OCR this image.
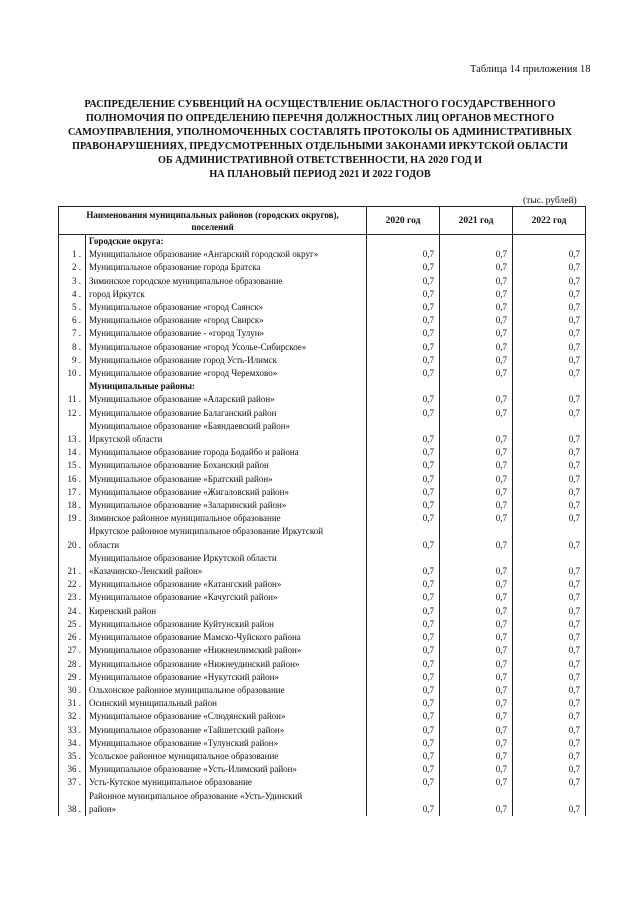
Таблица 14 приложения 18
РАСПРЕДЕЛЕНИЕ СУБВЕНЦИЙ НА ОСУЩЕСТВЛЕНИЕ ОБЛАСТНОГО ГОСУДАРСТВЕННОГО
ПОЛНОМОЧИЯ ПО ОПРЕДЕЛЕНИЮ ПЕРЕЧНЯ ДОЛЖНОСТНЫХ ЛИЦ ОРГАНОВ МЕСТНОГО
САМОУПРАВЛЕНИЯ, УПОЛНОМОЧЕННЫХ СОСТАВЛЯТЬ ПРОТОКОЛЫ ОБ АДМИНИСТРАТИВНЫХ
ПРАВОНАРУШЕНИЯХ, ПРЕДУСМОТРЕННЫХ ОТДЕЛЬНЫМИ ЗАКОНАМИ ИРКУТСКОЙ ОБЛАСТИ
ОБ АДМИНИСТРАТИВНОЙ ОТВЕТСТВЕННОСТИ, НА 2020 ГОД И
НА ПЛАНОВЫЙ ПЕРИОД 2021 И 2022 ГОДОВ
(тыс. рублей)
Наименования муниципальных районов (городских округов),
поселений		2020 год	2021 год	2022 год

	Городские округа:			

1 .	Муниципальное образование «Ангарский городской округ»	0,7	0,7	0,7
2 .	Муниципальное образование города Братска	0,7	0,7	0,7
3 .	Зиминское городское муниципальное образование	0,7	0,7	0,7
4 .	город Иркутск	0,7	0,7	0,7
5 .	Муниципальное образование «город Саянск»	0,7	0,7	0,7
6 .	Муниципальное образование «город Свирск»	0,7	0,7	0,7
7 .	Муниципальное образование - «город Тулун»	0,7	0,7	0,7
8 .	Муниципальное образование «город Усолье-Сибирское»	0,7	0,7	0,7
9 .	Муниципальное образование город Усть-Илимск	0,7	0,7	0,7
10 .	Муниципальное образование «город Черемхово»	0,7	0,7	0,7

	Муниципальные районы:			

11 .	Муниципальное образование «Аларский район»	0,7	0,7	0,7
12 .	Муниципальное образование Балаганский район	0,7	0,7	0,7
13 .	Муниципальное образование «Баяндаевский район»
Иркутской области	0,7	0,7	0,7
14 .	Муниципальное образование города Бодайбо и района	0,7	0,7	0,7
15 .	Муниципальное образование Боханский район	0,7	0,7	0,7
16 .	Муниципальное образование «Братский район»	0,7	0,7	0,7
17 .	Муниципальное образование «Жигаловский район»	0,7	0,7	0,7
18 .	Муниципальное образование «Заларинский район»	0,7	0,7	0,7
19 .	Зиминское районное муниципальное образование	0,7	0,7	0,7
20 .	Иркутское районное муниципальное образование Иркутской
области	0,7	0,7	0,7
21 .	Муниципальное образование Иркутской области
«Казачинско-Ленский район»	0,7	0,7	0,7
22 .	Муниципальное образование «Катангский район»	0,7	0,7	0,7
23 .	Муниципальное образование «Качугский район»	0,7	0,7	0,7
24 .	Киренский район	0,7	0,7	0,7
25 .	Муниципальное образование Куйтунский район	0,7	0,7	0,7
26 .	Муниципальное образование Мамско-Чуйского района	0,7	0,7	0,7
27 .	Муниципальное образование «Нижнеилимский район»	0,7	0,7	0,7
28 .	Муниципальное образование «Нижнеудинский район»	0,7	0,7	0,7
29 .	Муниципальное образование «Нукутский район»	0,7	0,7	0,7
30 .	Ольхонское районное муниципальное образование	0,7	0,7	0,7
31 .	Осинский муниципальный район	0,7	0,7	0,7
32 .	Муниципальное образование «Слюдянский район»	0,7	0,7	0,7
33 .	Муниципальное образование «Тайшетский район»	0,7	0,7	0,7
34 .	Муниципальное образование «Тулунский район»	0,7	0,7	0,7
35 .	Усольское районное муниципальное образование	0,7	0,7	0,7
36 .	Муниципальное образование «Усть-Илимский район»	0,7	0,7	0,7
37 .	Усть-Кутское муниципальное образование	0,7	0,7	0,7
38 .	Районное муниципальное образование «Усть-Удинский
район»	0,7	0,7	0,7
